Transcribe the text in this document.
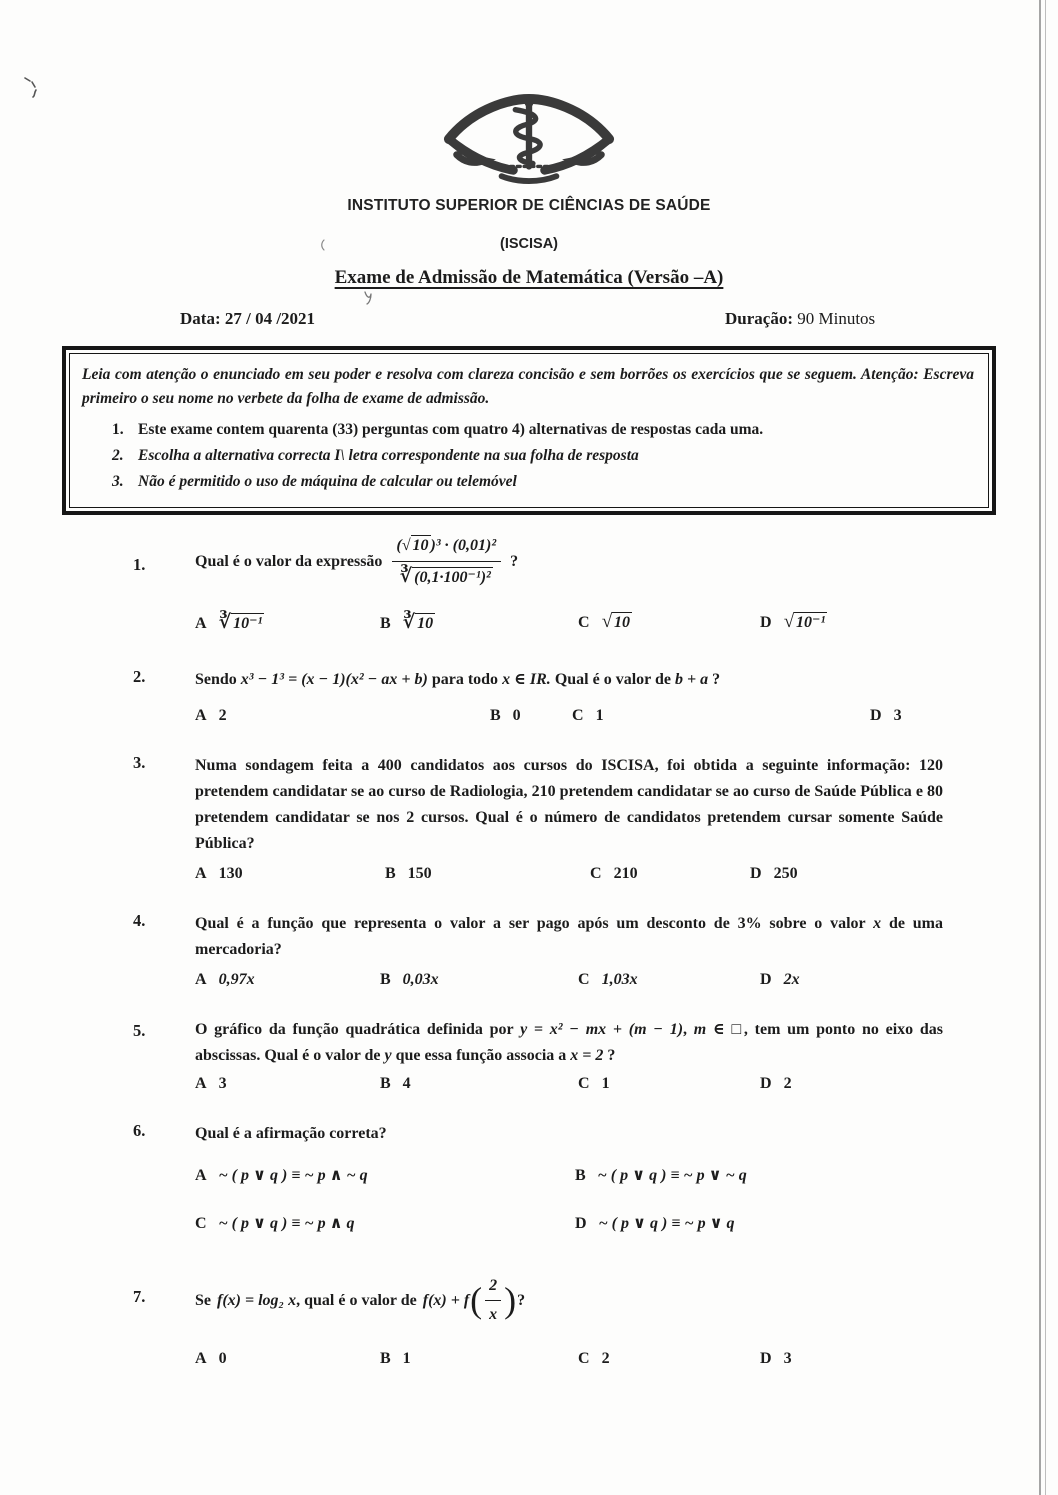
INSTITUTO SUPERIOR DE CIÊNCIAS DE SAÚDE
(ISCISA)
Exame de Admissão de Matemática (Versão –A)
Data: 27 / 04 /2021	Duração: 90 Minutos

Leia com atenção o enunciado em seu poder e resolva com clareza concisão e sem borrões os exercícios que se seguem. Atenção: Escreva primeiro o seu nome no verbete da folha de exame de admissão.

1. Este exame contem quarenta (33) perguntas com quatro 4) alternativas de respostas cada uma.
2. Escolha a alternativa correcta I\ letra correspondente na sua folha de resposta
3. Não é permitido o uso de máquina de calcular ou telemóvel
1.	Qual é o valor da expressão $\frac{\text{(√ 10 )³ · (0,01)²}}{\text{∛ (0,1·100⁻¹)²}}$ ?
A ∛ 10⁻¹	B ∛ 10	C √ 10	D √ 10⁻¹
2.	Sendo x³ − 1³ = (x − 1)(x² − ax + b) para todo x ∈ IR. Qual é o valor de b + a ?
A 2	B 0	C 1	D 3
3.	Numa sondagem feita a 400 candidatos aos cursos do ISCISA, foi obtida a seguinte informação: 120 pretendem candidatar se ao curso de Radiologia, 210 pretendem candidatar se ao curso de Saúde Pública e 80 pretendem candidatar se nos 2 cursos. Qual é o número de candidatos pretendem cursar somente Saúde Pública?
A 130	B 150	C 210	D 250
4.	Qual é a função que representa o valor a ser pago após um desconto de 3% sobre o valor x de uma mercadoria?
A 0,97x	B 0,03x	C 1,03x	D 2x
5.	O gráfico da função quadrática definida por y = x² − mx + (m − 1), m ∈ □, tem um ponto no eixo das abscissas. Qual é o valor de y que essa função associa a x = 2 ?
A 3	B 4	C 1	D 2
6.	Qual é a afirmação correta?
A ~ ( p ∨ q ) ≡ ~ p ∧ ~ q	B ~ ( p ∨ q ) ≡ ~ p ∨ ~ q
C ~ ( p ∨ q ) ≡ ~ p ∧ q	D ~ ( p ∨ q ) ≡ ~ p ∨ q
7.	Se f(x) = log₂ x , qual é o valor de f(x) + f ( $\frac{2}{x}$ ) ?
A 0	B 1	C 2	D 3
